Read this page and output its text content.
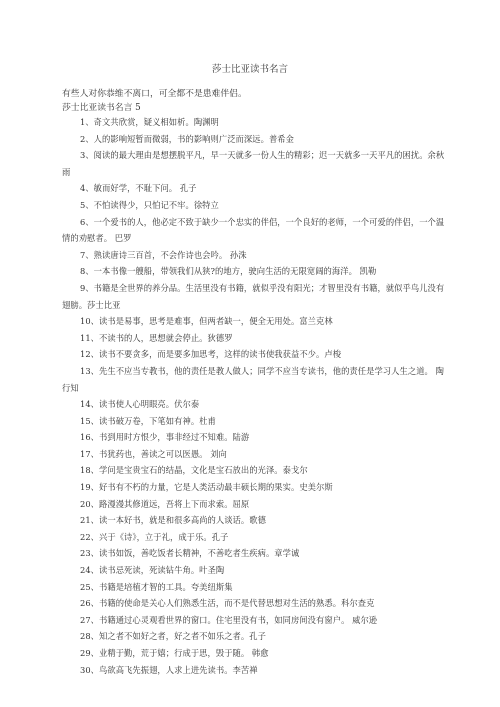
莎士比亚读书名言
有些人对你恭维不离口，可全都不是患难伴侣。
莎士比亚读书名言 5
1、奇文共欣赏，疑义相如析。陶渊明
2、人的影响短暂而微弱，书的影响则广泛而深远。普希金
3、阅读的最大理由是想摆脱平凡，早一天就多一份人生的精彩；迟一天就多一天平凡的困扰。余秋雨
4、敏而好学，不耻下问。 孔子
5、不怕读得少，只怕记不牢。徐特立
6、一个爱书的人，他必定不致于缺少一个忠实的伴侣，一个良好的老师，一个可爱的伴侣，一个温情的劝慰者。 巴罗
7、熟读唐诗三百首，不会作诗也会吟。 孙洙
8、一本书像一艘船，带领我们从狭?的地方，驶向生活的无限宽阔的海洋。 凯勒
9、书籍是全世界的养分品。生活里没有书籍，就似乎没有阳光；才智里没有书籍，就似乎鸟儿没有翅膀。莎士比亚
10、读书是易事，思考是难事，但两者缺一，便全无用处。富兰克林
11、不读书的人，思想就会停止。狄德罗
12、读书不要贪多，而是要多加思考，这样的读书使我获益不少。卢梭
13、先生不应当专教书，他的责任是教人做人；同学不应当专读书，他的责任是学习人生之道。 陶行知
14、读书使人心明眼亮。伏尔泰
15、读书破万卷，下笔如有神。杜甫
16、书到用时方恨少，事非经过不知难。陆游
17、书犹药也，善读之可以医愚。 刘向
18、学问是宝贵宝石的结晶，文化是宝石放出的光泽。泰戈尔
19、好书有不朽的力量，它是人类活动最丰硕长期的果实。史美尔斯
20、路漫漫其修道远，吾将上下而求索。屈原
21、读一本好书，就是和很多高尚的人谈话。歌德
22、兴于《诗》，立于礼，成于乐。孔子
23、读书如饭，善吃饭者长精神，不善吃者生疾病。章学诚
24、读书忌死读，死读钻牛角。叶圣陶
25、书籍是培植才智的工具。夸美纽斯集
26、书籍的使命是关心人们熟悉生活，而不是代替思想对生活的熟悉。科尔查克
27、书籍通过心灵观看世界的窗口。住宅里没有书，如同房间没有窗户。 威尔逊
28、知之者不如好之者，好之者不如乐之者。孔子
29、业精于勤，荒于嬉；行成于思，毁于随。 韩愈
30、鸟欲高飞先振翅，人求上进先读书。李苦禅
